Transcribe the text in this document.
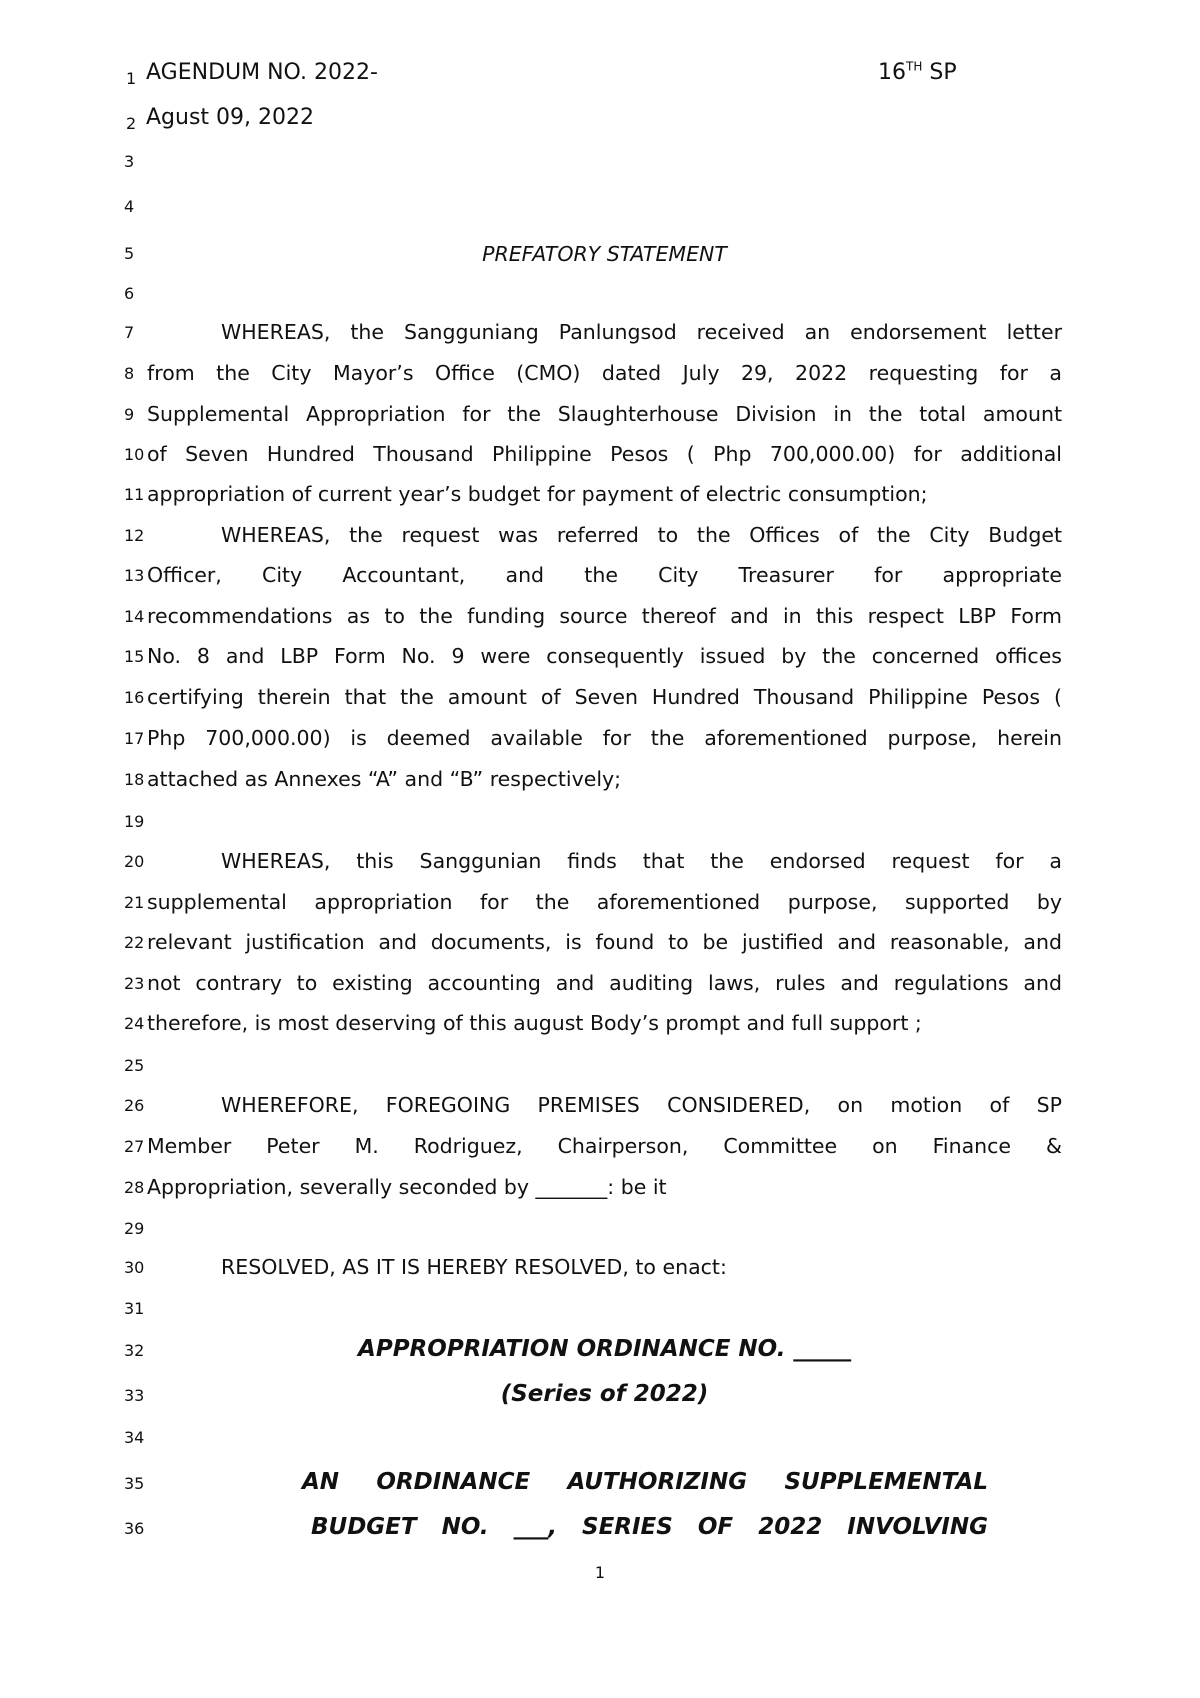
1 AGENDUM NO. 2022-	16TH SP
2 Agust 09, 2022
3
4
5	PREFATORY STATEMENT
6
7	WHEREAS, the Sangguniang Panlungsod received an endorsement letter
8 from the City Mayor’s Office (CMO) dated July 29, 2022 requesting for a
9 Supplemental Appropriation for the Slaughterhouse Division in the total amount
10 of Seven Hundred Thousand Philippine Pesos ( Php 700,000.00) for additional
11 appropriation of current year’s budget for payment of electric consumption;
12	WHEREAS, the request was referred to the Offices of the City Budget
13 Officer, City Accountant, and the City Treasurer for appropriate
14 recommendations as to the funding source thereof and in this respect LBP Form
15 No. 8 and LBP Form No. 9 were consequently issued by the concerned offices
16 certifying therein that the amount of Seven Hundred Thousand Philippine Pesos (
17 Php 700,000.00) is deemed available for the aforementioned purpose, herein
18 attached as Annexes “A” and “B” respectively;
19
20	WHEREAS, this Sanggunian finds that the endorsed request for a
21 supplemental appropriation for the aforementioned purpose, supported by
22 relevant justification and documents, is found to be justified and reasonable, and
23 not contrary to existing accounting and auditing laws, rules and regulations and
24 therefore, is most deserving of this august Body’s prompt and full support ;
25
26	WHEREFORE, FOREGOING PREMISES CONSIDERED, on motion of SP
27 Member Peter M. Rodriguez, Chairperson, Committee on Finance &
28 Appropriation, severally seconded by _______: be it
29
30	RESOLVED, AS IT IS HEREBY RESOLVED, to enact:
31
32	APPROPRIATION ORDINANCE NO. _____
33	(Series of 2022)
34
35	AN ORDINANCE AUTHORIZING SUPPLEMENTAL
36	BUDGET NO. ___, SERIES OF 2022 INVOLVING
1
